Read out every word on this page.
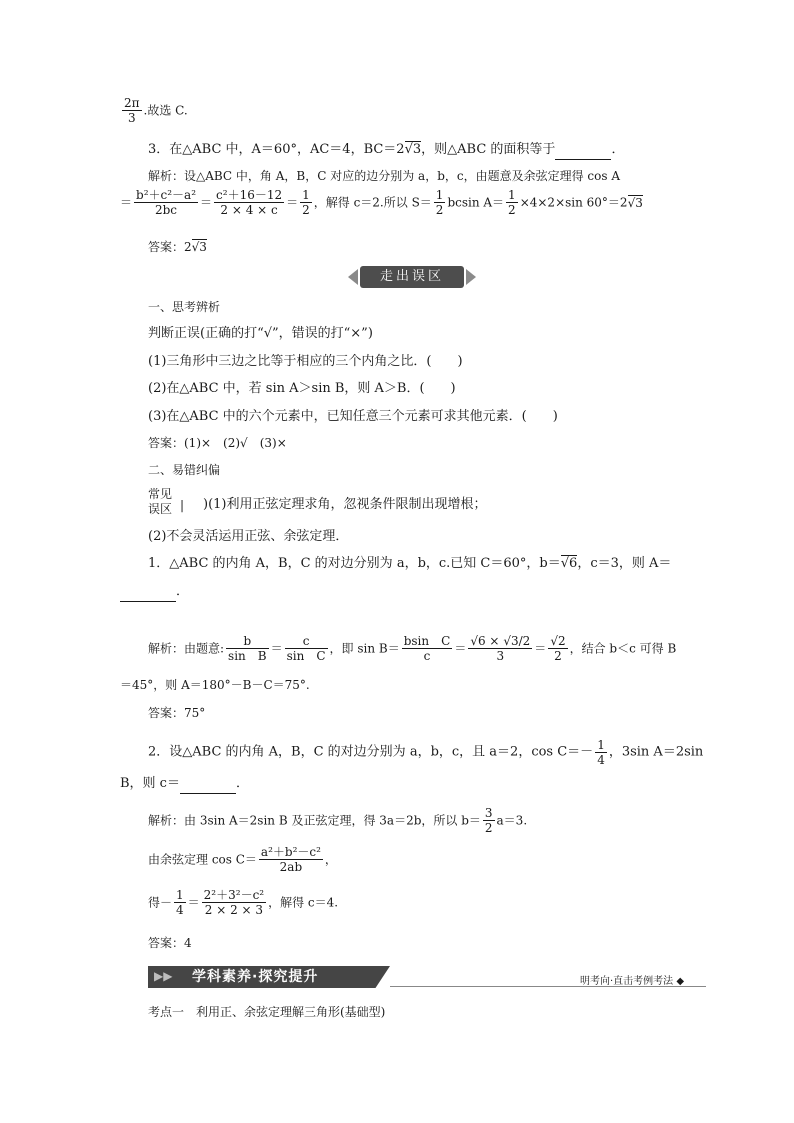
$\frac{2\pi}{3}$ .故选 C.
3．在△ABC 中，A＝60°，AC＝4，BC＝2√3，则△ABC 的面积等于	．
解析：设△ABC 中，角 A，B，C 对应的边分别为 a，b，c，由题意及余弦定理得 cos A
＝ $\frac{\text{b²＋c²－a²}}{2bc} = \frac{\text{c²＋16－12}}{2 \times 4 \times c} = \frac{1}{2}$ ，解得 c＝2.所以 $S= \frac{1}{2}$ bcsin $A= \frac{1}{2} \times 4\times 2\times\sin$ 60°＝2√3
答案：2√3
走出误区
一、思考辨析
判断正误(正确的打“√”，错误的打“×”)
(1)三角形中三边之比等于相应的三个内角之比．(　　)
(2)在△ABC 中，若 sin A＞sin B，则 A＞B．(　　)
(3)在△ABC 中的六个元素中，已知任意三个元素可求其他元素．(　　)
答案：(1)×　(2)√　(3)×
二、易错纠偏
常见
误区 | )(1)利用正弦定理求角，忽视条件限制出现增根；
(2)不会灵活运用正弦、余弦定理．
1．△ABC 的内角 A，B，C 的对边分别为 a，b，c.已知 C＝60°，b＝√6，c＝3，则 A＝
．
解析：由题意: $\frac{b}{\text{sin　B}} = \frac{c}{\text{sin　C}}$ ，即 $\sin B= \frac{\text{bsin　C}}{c} = \frac{√6 \times √3/2}{3} = \frac{√2}{2}$ ，结合 b＜c 可得 B
＝45°，则 A＝180°－B－C＝75°.
答案：75°
2．设△ABC 的内角 A，B，C 的对边分别为 a，b，c，且 a＝2，$\cos C=- \frac{1}{4}$ ，3sin A＝2sin
B，则 c＝	．
解析：由 3sin A＝2sin B 及正弦定理，得 3a＝2b，所以 $b= \frac{3}{2} a=3$.
由余弦定理 $\cos C= \frac{\text{a²＋b²－c²}}{2ab}$ ，
得－ $\frac{1}{4} = \frac{\text{2²＋3²－c²}}{2 \times 2 \times 3}$ ，解得 c＝4.
答案：4
▶▶ 学科素养·探究提升	明考向·直击考例考法 ◆
考点一　利用正、余弦定理解三角形(基础型)
